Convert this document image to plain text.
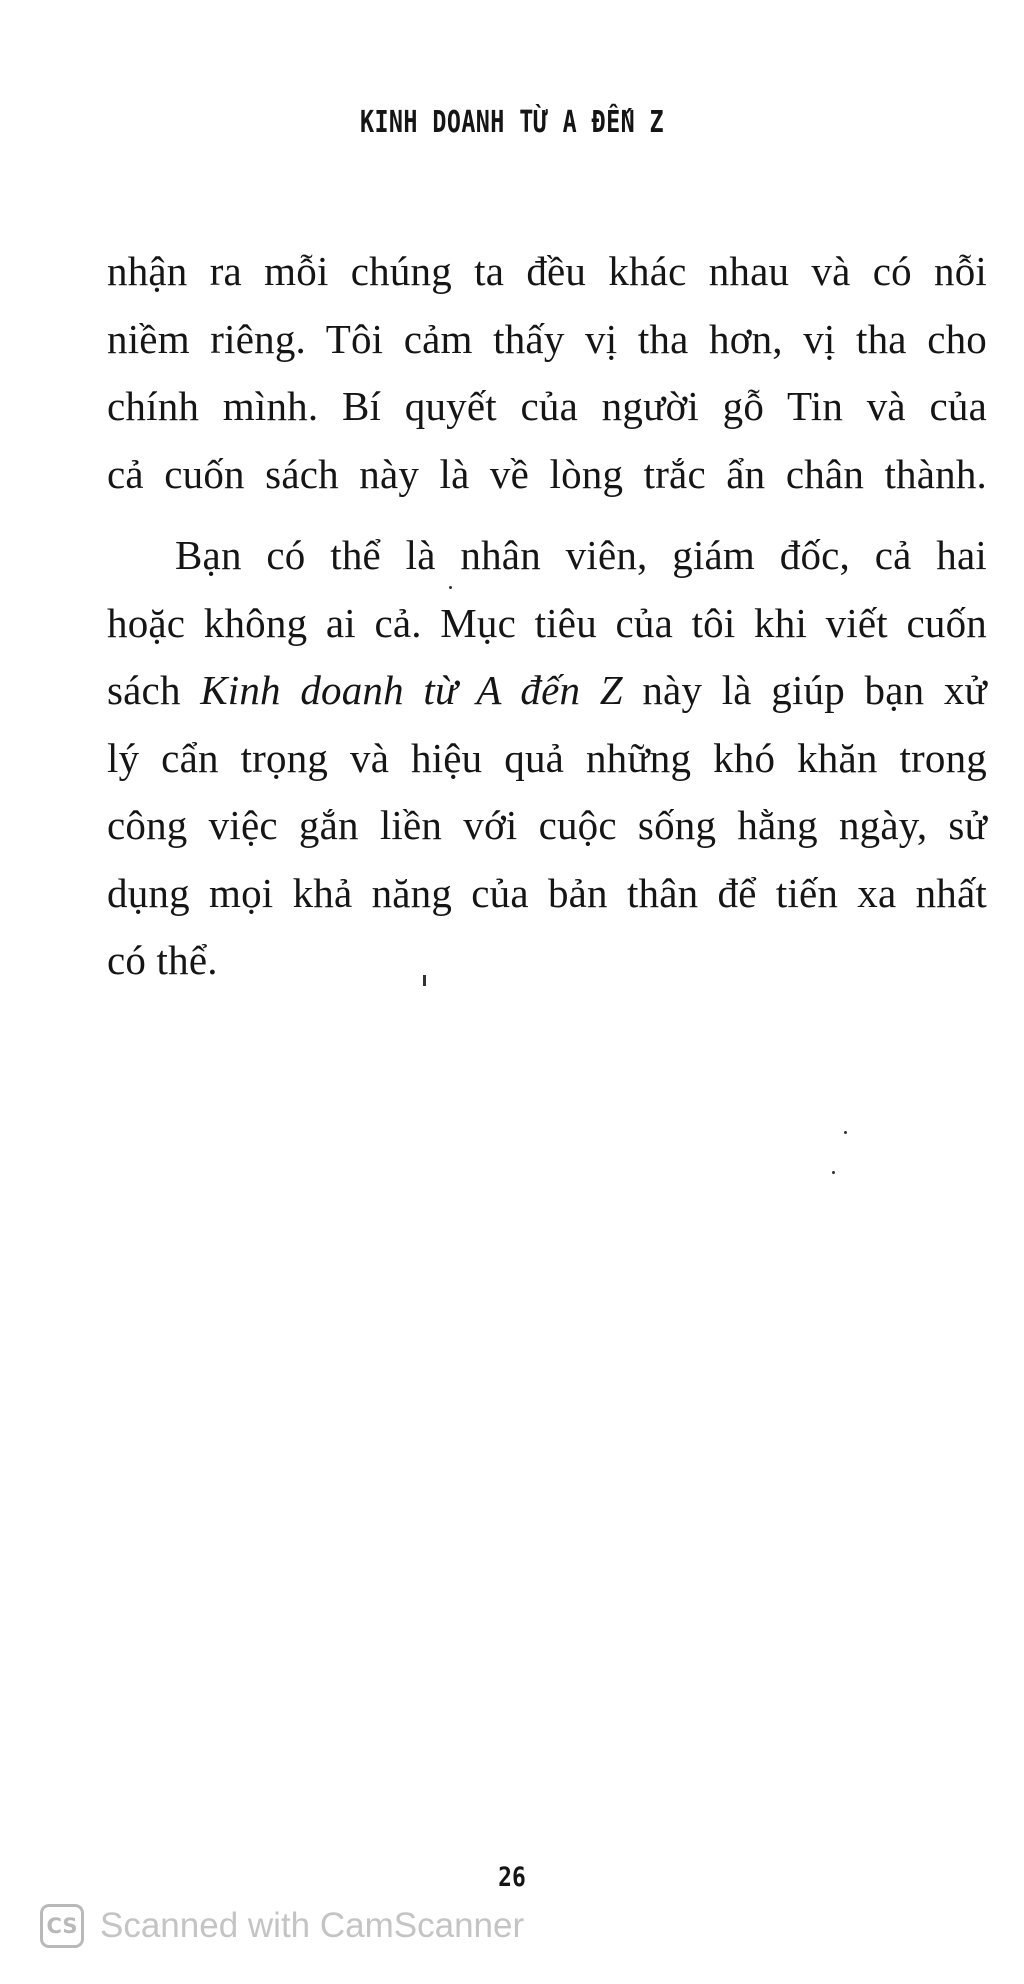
KINH DOANH TỪ A ĐẾN Z
nhận ra mỗi chúng ta đều khác nhau và có nỗi
niềm riêng. Tôi cảm thấy vị tha hơn, vị tha cho
chính mình. Bí quyết của người gỗ Tin và của
cả cuốn sách này là về lòng trắc ẩn chân thành.
Bạn có thể là nhân viên, giám đốc, cả hai
hoặc không ai cả. Mục tiêu của tôi khi viết cuốn
sách Kinh doanh từ A đến Z này là giúp bạn xử
lý cẩn trọng và hiệu quả những khó khăn trong
công việc gắn liền với cuộc sống hằng ngày, sử
dụng mọi khả năng của bản thân để tiến xa nhất
có thể.
26
CS Scanned with CamScanner
